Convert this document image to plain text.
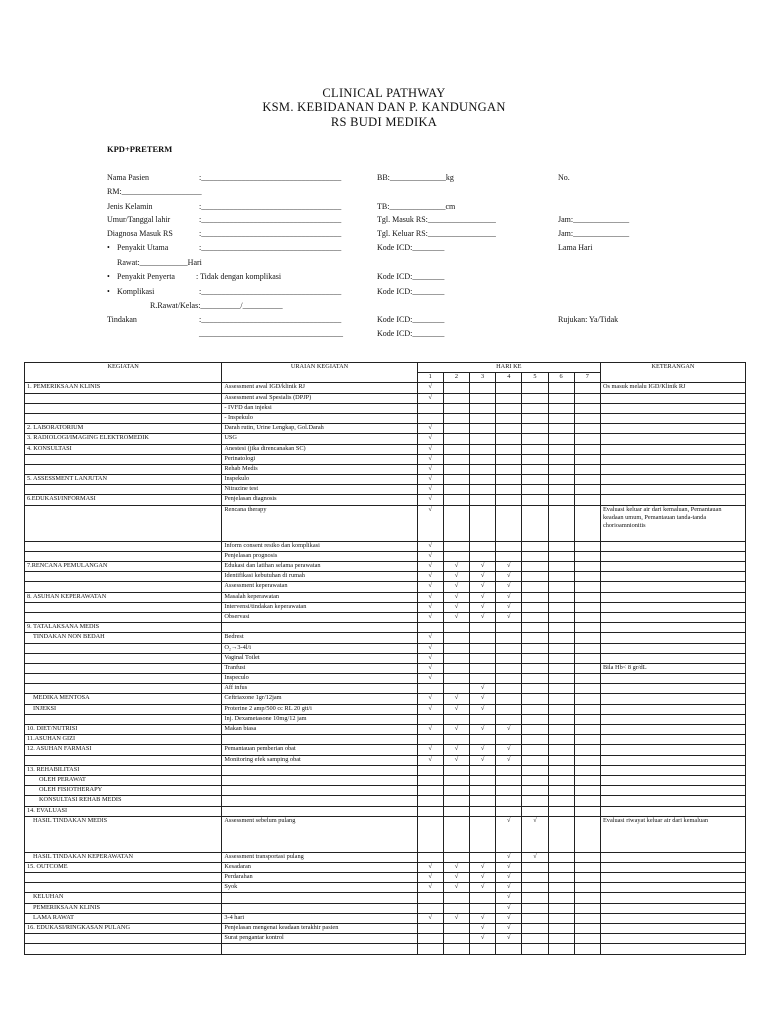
CLINICAL PATHWAY
KSM. KEBIDANAN DAN P. KANDUNGAN
RS BUDI MEDIKA
KPD+PRETERM
Nama Pasien	:___________________________________	BB:______________kg	No.
RM:____________________
Jenis Kelamin	:___________________________________	TB:______________cm
Umur/Tanggal lahir	:___________________________________	Tgl. Masuk RS:_________________	Jam:______________
Diagnosa Masuk RS	:___________________________________	Tgl. Keluar RS:_________________	Jam:______________
• Penyakit Utama	:___________________________________	Kode ICD:________	Lama Hari
Rawat:____________Hari
• Penyakit Penyerta	: Tidak dengan komplikasi	Kode ICD:________
• Komplikasi	:___________________________________	Kode ICD:________
R.Rawat/Kelas:__________/__________
Tindakan	:___________________________________	Kode ICD:________	Rujukan: Ya/Tidak
____________________________________	Kode ICD:________
KEGIATAN	URAIAN KEGIATAN	HARI KE							KETERANGAN
		1	2	3	4	5	6	7	
1. PEMERIKSAAN KLINIS	Assessment awal IGD/klinik RJ	√							Os masuk melalu IGD/Klinik RJ
	Assessment awal Spesialis (DPJP)	√							
	- IVFD dan injeksi								
	- Inspekulo								
2. LABORATORIUM	Darah rutin, Urine Lengkap, Gol.Darah	√							
3. RADIOLOGI/IMAGING ELEKTROMEDIK	USG	√							
4. KONSULTASI	Anestesi (jika direncanakan SC)	√							
	Perinatologi	√							
	Rehab Medis	√							
5. ASSESSMENT LANJUTAN	Inspekulo	√							
	Nitrazine test	√							
6.EDUKASI/INFORMASI	Penjelasan diagnosis	√							
	Rencana therapy	√							Evaluasi keluar air dari kemaluan, Pemantauan keadaan umum, Pemantauan tanda-tanda chorioamnionitis
	Inform consent resiko dan komplikasi	√							
	Penjelasan prognosis	√							
7.RENCANA PEMULANGAN	Edukasi dan latihan selama perawatan	√	√	√	√				
	Identifikasi kebutuhan di rumah	√	√	√	√				
	Assessment keperawatan	√	√	√	√				
8. ASUHAN KEPERAWATAN	Masalah keperawatan	√	√	√	√				
	Intervensi/tindakan keperawatan	√	√	√	√				
	Observasi	√	√	√	√				
9. TATALAKSANA MEDIS									
TINDAKAN NON BEDAH	Bedrest	√							
	O₂→3-4l/i	√							
	Vaginal Toilet	√							
	Tranfusi	√							Bila Hb< 8 gr/dL
	Inspeculo	√							
	Aff infus			√					
MEDIKA MENTOSA	Ceftriaxone 1gr/12jam	√	√	√					
INJEKSI	Proterine 2 amp/500 cc RL 20 gtt/i	√	√	√					
	Inj. Dexametasone 10mg/12 jam								
10. DIET/NUTRISI	Makan biasa	√	√	√	√				
11.ASUHAN GIZI									
12. ASUHAN FARMASI	Pemantauan pemberian obat	√	√	√	√				
	Monitoring efek samping obat	√	√	√	√				
13. REHABILITASI									
OLEH PERAWAT									
OLEH FISIOTHERAPY									
KONSULTASI REHAB MEDIS									
14. EVALUASI									
HASIL TINDAKAN MEDIS	Assessment sebelum pulang				√	√			Evaluasi riwayat keluar air dari kemaluan
HASIL TINDAKAN KEPERAWATAN	Assessment transportasi pulang				√	√			
15. OUTCOME	Kesadaran	√	√	√	√				
	Perdarahan	√	√	√	√				
	Syok	√	√	√	√				
KELUHAN					√				
PEMERIKSAAN KLINIS					√				
LAMA RAWAT	3-4 hari	√	√	√	√				
16. EDUKASI/RINGKASAN PULANG	Penjelasan mengenai keadaan terakhir pasien			√	√				
	Surat pengantar kontrol			√	√				
